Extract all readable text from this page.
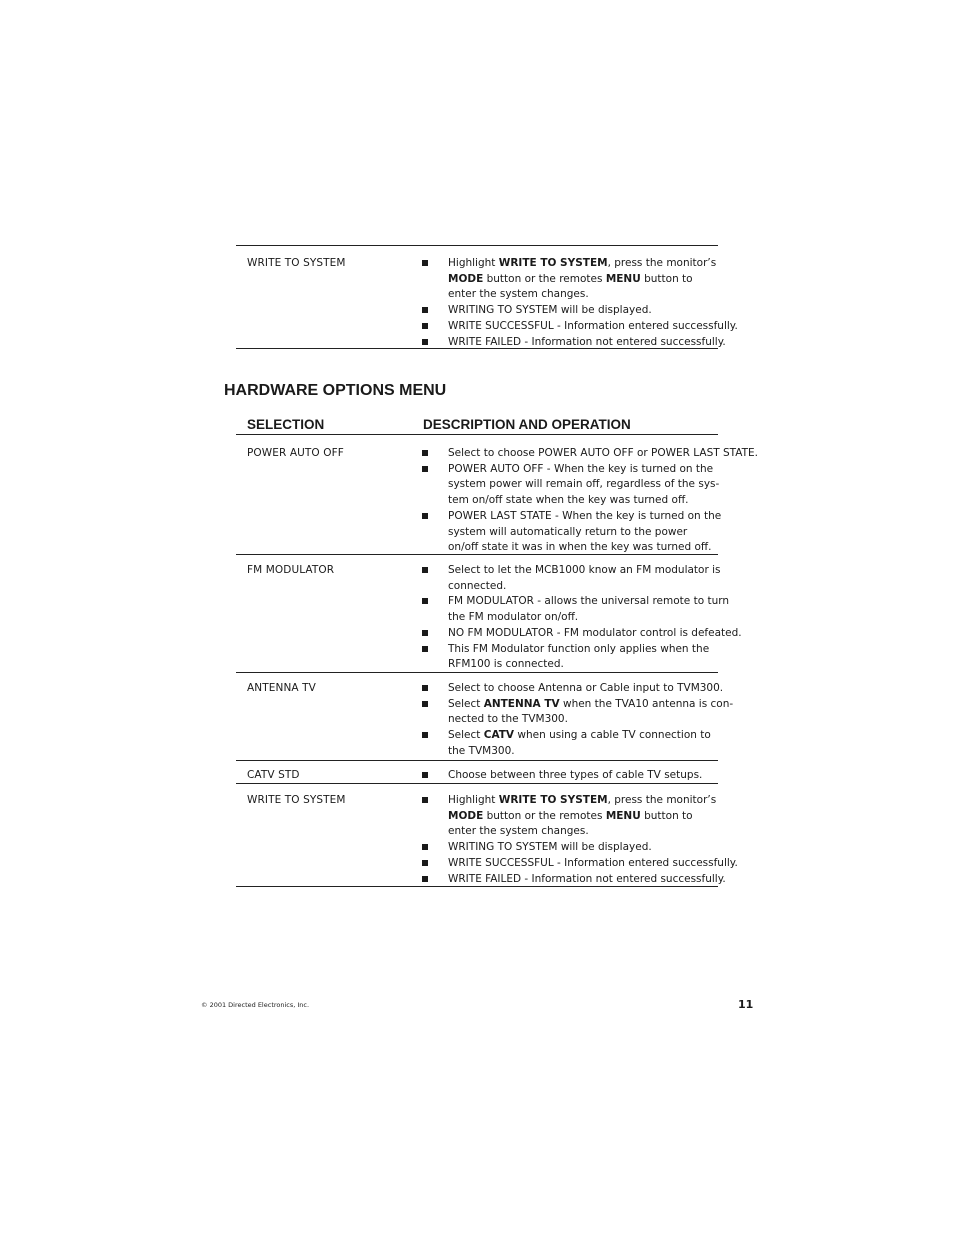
WRITE TO SYSTEM	Highlight WRITE TO SYSTEM, press the monitor’s
MODE button or the remotes MENU button to
enter the system changes.
WRITING TO SYSTEM will be displayed.
WRITE SUCCESSFUL - Information entered successfully.
WRITE FAILED - Information not entered successfully.
HARDWARE OPTIONS MENU
SELECTION	DESCRIPTION AND OPERATION
POWER AUTO OFF	Select to choose POWER AUTO OFF or POWER LAST STATE.
POWER AUTO OFF - When the key is turned on the
system power will remain off, regardless of the sys-
tem on/off state when the key was turned off.
POWER LAST STATE - When the key is turned on the
system will automatically return to the power
on/off state it was in when the key was turned off.
FM MODULATOR	Select to let the MCB1000 know an FM modulator is
connected.
FM MODULATOR - allows the universal remote to turn
the FM modulator on/off.
NO FM MODULATOR - FM modulator control is defeated.
This FM Modulator function only applies when the
RFM100 is connected.
ANTENNA TV	Select to choose Antenna or Cable input to TVM300.
Select ANTENNA TV when the TVA10 antenna is con-
nected to the TVM300.
Select CATV when using a cable TV connection to
the TVM300.
CATV STD	Choose between three types of cable TV setups.
WRITE TO SYSTEM	Highlight WRITE TO SYSTEM, press the monitor’s
MODE button or the remotes MENU button to
enter the system changes.
WRITING TO SYSTEM will be displayed.
WRITE SUCCESSFUL - Information entered successfully.
WRITE FAILED - Information not entered successfully.
© 2001 Directed Electronics, Inc.	11
